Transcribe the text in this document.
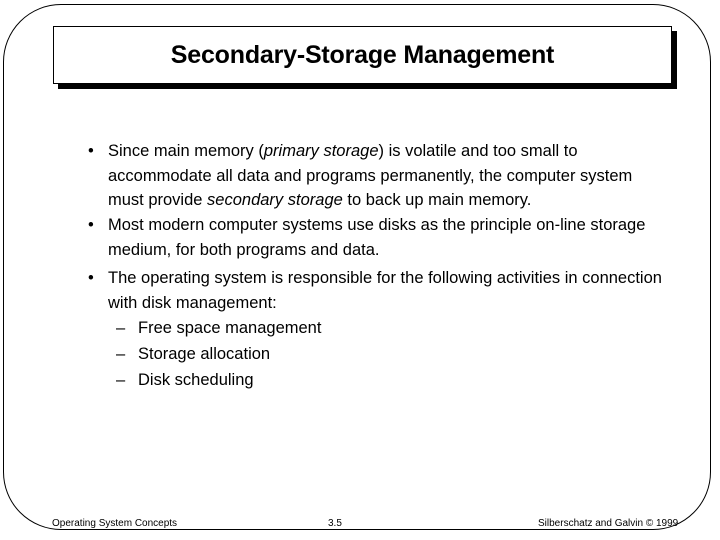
Secondary-Storage Management
• Since main memory (primary storage) is volatile and too small to accommodate all data and programs permanently, the computer system must provide secondary storage to back up main memory.

• Most modern computer systems use disks as the principle on-line storage medium, for both programs and data.

• The operating system is responsible for the following activities in connection with disk management:

– Free space management
– Storage allocation
– Disk scheduling
Operating System Concepts	3.5	Silberschatz and Galvin © 1999
